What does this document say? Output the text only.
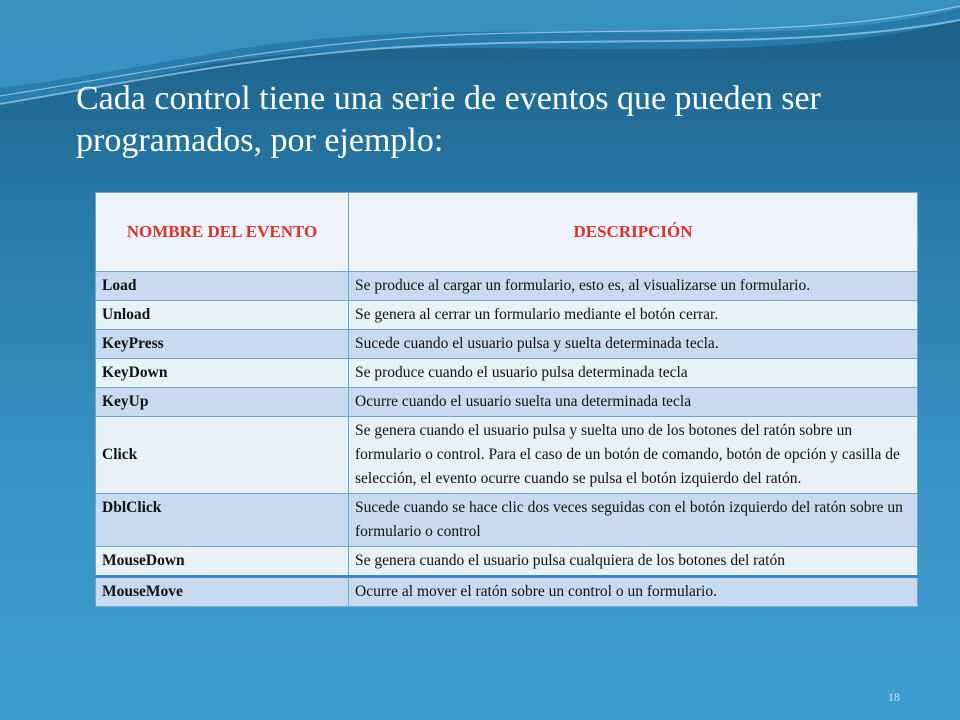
Cada control tiene una serie de eventos que pueden ser programados, por ejemplo:
NOMBRE DEL EVENTO	DESCRIPCIÓN
Load	Se produce al cargar un formulario, esto es, al visualizarse un formulario.
Unload	Se genera al cerrar un formulario mediante el botón cerrar.
KeyPress	Sucede cuando el usuario pulsa y suelta determinada tecla.
KeyDown	Se produce cuando el usuario pulsa determinada tecla
KeyUp	Ocurre cuando el usuario suelta una determinada tecla
Click	Se genera cuando el usuario pulsa y suelta uno de los botones del ratón sobre un formulario o control. Para el caso de un botón de comando, botón de opción y casilla de selección, el evento ocurre cuando se pulsa el botón izquierdo del ratón.
DblClick	Sucede cuando se hace clic dos veces seguidas con el botón izquierdo del ratón sobre un formulario o control
MouseDown	Se genera cuando el usuario pulsa cualquiera de los botones del ratón
MouseMove	Ocurre al mover el ratón sobre un control o un formulario.
18
